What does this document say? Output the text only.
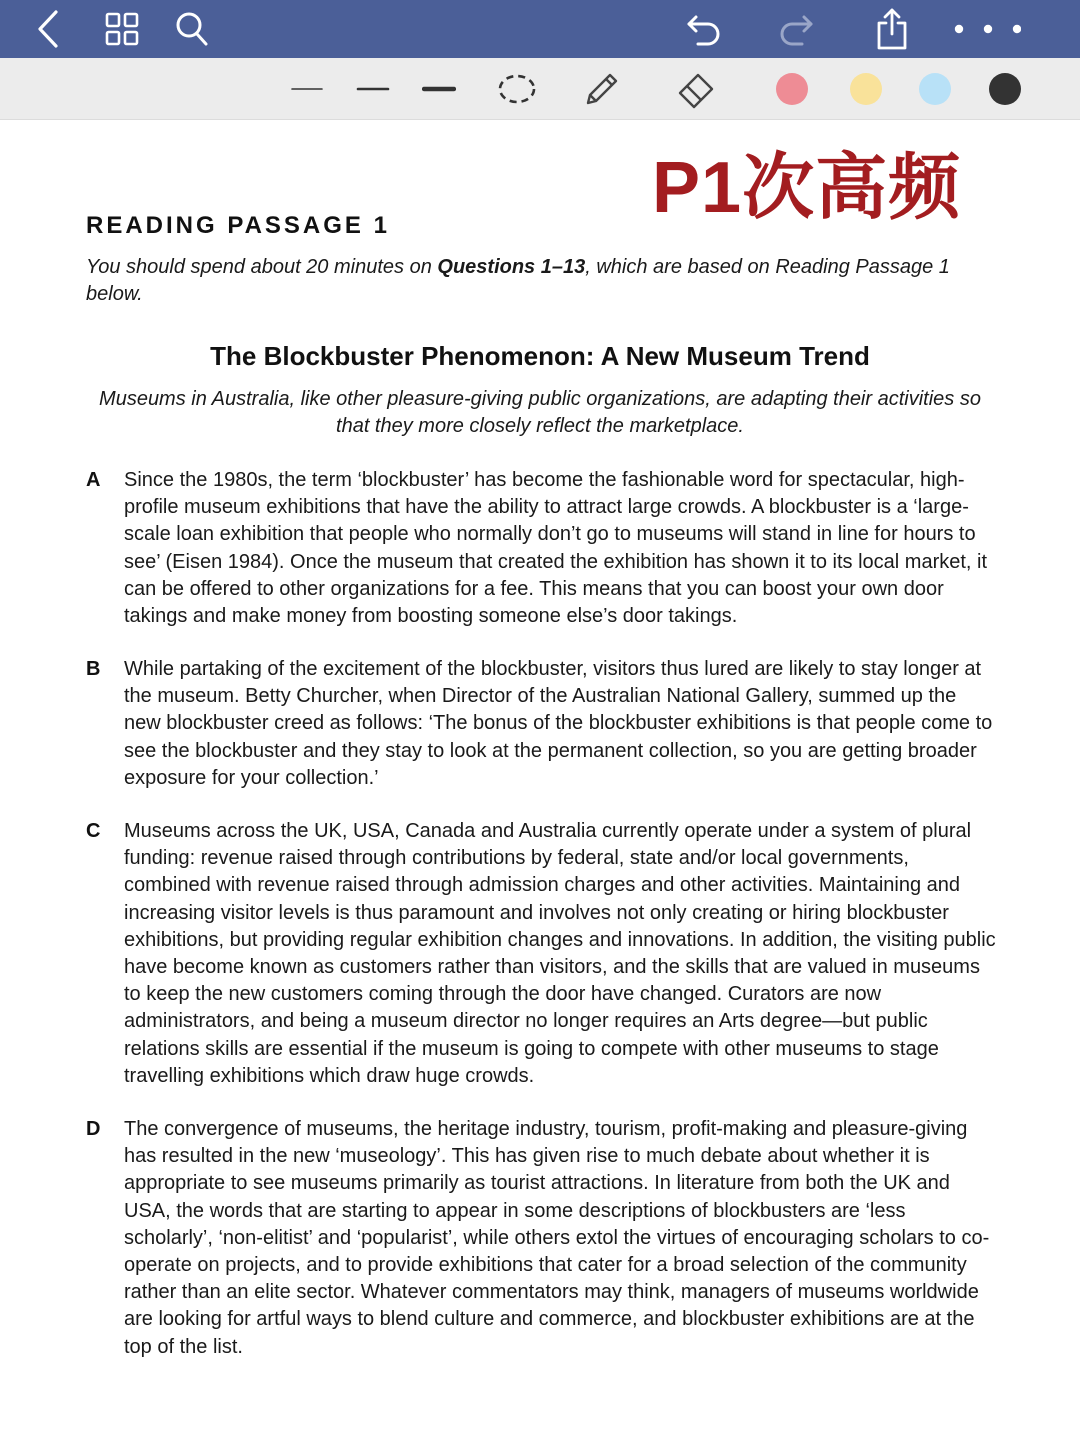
P1次高频
READING PASSAGE 1
You should spend about 20 minutes on Questions 1–13, which are based on Reading Passage 1 below.
The Blockbuster Phenomenon: A New Museum Trend
Museums in Australia, like other pleasure-giving public organizations, are adapting their activities so that they more closely reflect the marketplace.
A Since the 1980s, the term ‘blockbuster’ has become the fashionable word for spectacular, high-profile museum exhibitions that have the ability to attract large crowds. A blockbuster is a ‘large-scale loan exhibition that people who normally don’t go to museums will stand in line for hours to see’ (Eisen 1984). Once the museum that created the exhibition has shown it to its local market, it can be offered to other organizations for a fee. This means that you can boost your own door takings and make money from boosting someone else’s door takings.
B While partaking of the excitement of the blockbuster, visitors thus lured are likely to stay longer at the museum. Betty Churcher, when Director of the Australian National Gallery, summed up the new blockbuster creed as follows: ‘The bonus of the blockbuster exhibitions is that people come to see the blockbuster and they stay to look at the permanent collection, so you are getting broader exposure for your collection.’
C Museums across the UK, USA, Canada and Australia currently operate under a system of plural funding: revenue raised through contributions by federal, state and/or local governments, combined with revenue raised through admission charges and other activities. Maintaining and increasing visitor levels is thus paramount and involves not only creating or hiring blockbuster exhibitions, but providing regular exhibition changes and innovations. In addition, the visiting public have become known as customers rather than visitors, and the skills that are valued in museums to keep the new customers coming through the door have changed. Curators are now administrators, and being a museum director no longer requires an Arts degree—but public relations skills are essential if the museum is going to compete with other museums to stage travelling exhibitions which draw huge crowds.
D The convergence of museums, the heritage industry, tourism, profit-making and pleasure-giving has resulted in the new ‘museology’. This has given rise to much debate about whether it is appropriate to see museums primarily as tourist attractions. In literature from both the UK and USA, the words that are starting to appear in some descriptions of blockbusters are ‘less scholarly’, ‘non-elitist’ and ‘popularist’, while others extol the virtues of encouraging scholars to co-operate on projects, and to provide exhibitions that cater for a broad selection of the community rather than an elite sector. Whatever commentators may think, managers of museums worldwide are looking for artful ways to blend culture and commerce, and blockbuster exhibitions are at the top of the list.
